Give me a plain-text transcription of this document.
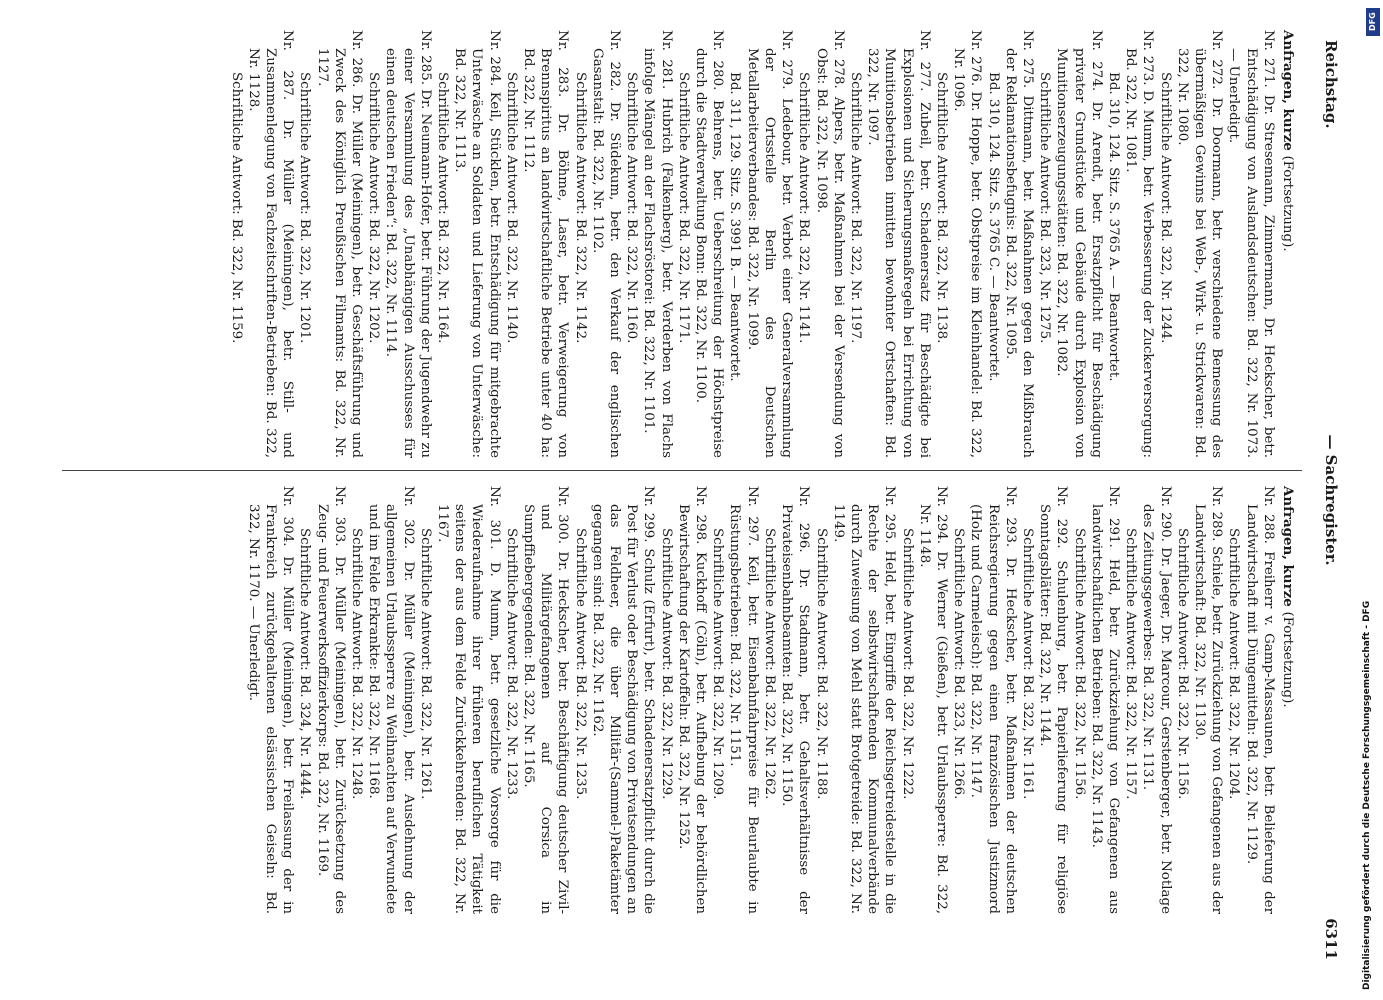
Reichstag.
— Sachregister.
6311

Anfragen, kurze (Fortsetzung).

Nr. 271. Dr. Stresemann, Zimmermann, Dr. Heckscher, betr. Entschädigung von Auslandsdeutschen: Bd. 322, Nr. 1073. — Unerledigt.

Nr. 272. Dr. Doormann, betr. verschiedene Bemessung des übermäßigen Gewinns bei Web-, Wirk- u. Strickwaren: Bd. 322, Nr. 1080.

Schriftliche Antwort: Bd. 322, Nr. 1244.

Nr. 273. D. Mumm, betr. Verbesserung der Zuckerversorgung: Bd. 322, Nr. 1081.

Bd. 310, 124. Sitz. S. 3765 A. — Beantwortet.

Nr. 274. Dr. Arendt, betr. Ersatzpflicht für Beschädigung privater Grundstücke und Gebäude durch Explosion von Munitionserzeugungsstätten: Bd. 322, Nr. 1082.

Schriftliche Antwort: Bd. 323, Nr. 1275.

Nr. 275. Dittmann, betr. Maßnahmen gegen den Mißbrauch der Reklamationsbefugnis: Bd. 322, Nr. 1095.

Bd. 310, 124. Sitz. S. 3765 C. — Beantwortet.

Nr. 276. Dr. Hoppe, betr. Obstpreise im Kleinhandel: Bd. 322, Nr. 1096.

Schriftliche Antwort: Bd. 322, Nr. 1138.

Nr. 277. Zubeil, betr. Schadenersatz für Beschädigte bei Explosionen und Sicherungsmaßregeln bei Errichtung von Munitionsbetrieben inmitten bewohnter Ortschaften: Bd. 322, Nr. 1097.

Schriftliche Antwort: Bd. 322, Nr. 1197.

Nr. 278. Alpers, betr. Maßnahmen bei der Versendung von Obst: Bd. 322, Nr. 1098.

Schriftliche Antwort: Bd. 322, Nr. 1141.

Nr. 279. Ledebour, betr. Verbot einer Generalversammlung der Ortsstelle Berlin des Deutschen Metallarbeiterverbandes: Bd. 322, Nr. 1099.

Bd. 311, 129. Sitz. S. 3991 B. — Beantwortet.

Nr. 280. Behrens, betr. Ueberschreitung der Höchstpreise durch die Stadtverwaltung Bonn: Bd. 322, Nr. 1100.

Schriftliche Antwort: Bd. 322, Nr. 1171.

Nr. 281. Hubrich (Falkenberg), betr. Verderben von Flachs infolge Mängel an der Flachsröstorei: Bd. 322, Nr. 1101.

Schriftliche Antwort: Bd. 322, Nr. 1160.

Nr. 282. Dr. Südekum, betr. den Verkauf der englischen Gasanstalt: Bd. 322, Nr. 1102.

Schriftliche Antwort: Bd. 322, Nr. 1142.

Nr. 283. Dr. Böhme, Laser, betr. Verweigerung von Brennspiritus an landwirtschaftliche Betriebe unter 40 ha: Bd. 322, Nr. 1112.

Schriftliche Antwort: Bd. 322, Nr. 1140.

Nr. 284. Keil, Stücklen, betr. Entschädigung für mitgebrachte Unterwäsche an Soldaten und Lieferung von Unterwäsche: Bd. 322, Nr. 1113.

Schriftliche Antwort: Bd. 322, Nr. 1164.

Nr. 285. Dr. Neumann-Hofer, betr. Führung der Jugendwehr zu einer Versammlung des „Unabhängigen Ausschusses für einen deutschen Frieden“: Bd. 322, Nr. 1114.

Schriftliche Antwort: Bd. 322, Nr. 1202.

Nr. 286. Dr. Müller (Meiningen), betr. Geschäftsführung und Zweck des Königlich Preußischen Filmamts: Bd. 322, Nr. 1127.

Schriftliche Antwort: Bd. 322, Nr. 1201.

Nr. 287. Dr. Müller (Meiningen), betr. Still- und Zusammenlegung von Fachzeitschriften-Betrieben: Bd. 322, Nr. 1128.

Schriftliche Antwort: Bd. 322, Nr. 1159.

Anfragen, kurze (Fortsetzung).

Nr. 288. Freiherr v. Gamp-Massaunen, betr. Belieferung der Landwirtschaft mit Düngemitteln: Bd. 322, Nr. 1129.

Schriftliche Antwort: Bd. 322, Nr. 1204.

Nr. 289. Schiele, betr. Zurückziehung von Gefangenen aus der Landwirtschaft: Bd. 322, Nr. 1130.

Schriftliche Antwort: Bd. 322, Nr. 1156.

Nr. 290. Dr. Jaeger, Dr. Marcour, Gerstenberger, betr. Notlage des Zeitungsgewerbes: Bd. 322, Nr. 1131.

Schriftliche Antwort: Bd. 322, Nr. 1157.

Nr. 291. Held, betr. Zurückziehung von Gefangenen aus landwirtschaftlichen Betrieben: Bd. 322, Nr. 1143.

Schriftliche Antwort: Bd. 322, Nr. 1156.

Nr. 292. Schulenburg, betr. Papierlieferung für religiöse Sonntagsblätter: Bd. 322, Nr. 1144.

Schriftliche Antwort: Bd. 322, Nr. 1161.

Nr. 293. Dr. Heckscher, betr. Maßnahmen der deutschen Reichsregierung gegen einen französischen Justizmord (Holz und Carmeleisch): Bd. 322, Nr. 1147.

Schriftliche Antwort: Bd. 323, Nr. 1266.

Nr. 294. Dr. Werner (Gießen), betr. Urlaubssperre: Bd. 322, Nr. 1148.

Schriftliche Antwort: Bd. 322, Nr. 1222.

Nr. 295. Held, betr. Eingriffe der Reichsgetreidestelle in die Rechte der selbstwirtschaftenden Kommunalverbände durch Zuweisung von Mehl statt Brotgetreide: Bd. 322, Nr. 1149.

Schriftliche Antwort: Bd. 322, Nr. 1188.

Nr. 296. Dr. Stadmann, betr. Gehaltsverhältnisse der Privateisenbahnbeamten: Bd. 322, Nr. 1150.

Schriftliche Antwort: Bd. 322, Nr. 1262.

Nr. 297. Keil, betr. Eisenbahnfahrpreise für Beurlaubte in Rüstungsbetrieben: Bd. 322, Nr. 1151.

Schriftliche Antwort: Bd. 322, Nr. 1209.

Nr. 298. Kuckhoff (Cöln), betr. Aufhebung der behördlichen Bewirtschaftung der Kartoffeln: Bd. 322, Nr. 1252.

Schriftliche Antwort: Bd. 322, Nr. 1229.

Nr. 299. Schulz (Erfurt), betr. Schadenersatzpflicht durch die Post für Verlust oder Beschädigung von Privatsendungen an das Feldheer, die über Militär-(Sammel-)Paketämter gegangen sind: Bd. 322, Nr. 1162.

Schriftliche Antwort: Bd. 322, Nr. 1235.

Nr. 300. Dr. Heckscher, betr. Beschäftigung deutscher Zivil- und Militärgefangenen auf Corsica in Sumpffiebergegenden: Bd. 322, Nr. 1165.

Schriftliche Antwort: Bd. 322, Nr. 1233.

Nr. 301. D. Mumm, betr. gesetzliche Vorsorge für die Wiederaufnahme ihrer früheren beruflichen Tätigkeit seitens der aus dem Felde Zurückkehrenden: Bd. 322, Nr. 1167.

Schriftliche Antwort: Bd. 322, Nr. 1261.

Nr. 302. Dr. Müller (Meiningen), betr. Ausdehnung der allgemeinen Urlaubssperre zu Weihnachten auf Verwundete und im Felde Erkrankte: Bd. 322, Nr. 1168.

Schriftliche Antwort: Bd. 322, Nr. 1248.

Nr. 303. Dr. Müller (Meiningen), betr. Zurücksetzung des Zeug- und Feuerwerksoffizierkorps: Bd. 322, Nr. 1169.

Schriftliche Antwort: Bd. 324, Nr. 1444.

Nr. 304. Dr. Müller (Meiningen), betr. Freilassung der in Frankreich zurückgehaltenen elsässischen Geiseln: Bd. 322, Nr. 1170. — Unerledigt.

DFG
Digitalisierung gefördert durch die Deutsche Forschungsgemeinschaft - DFG
